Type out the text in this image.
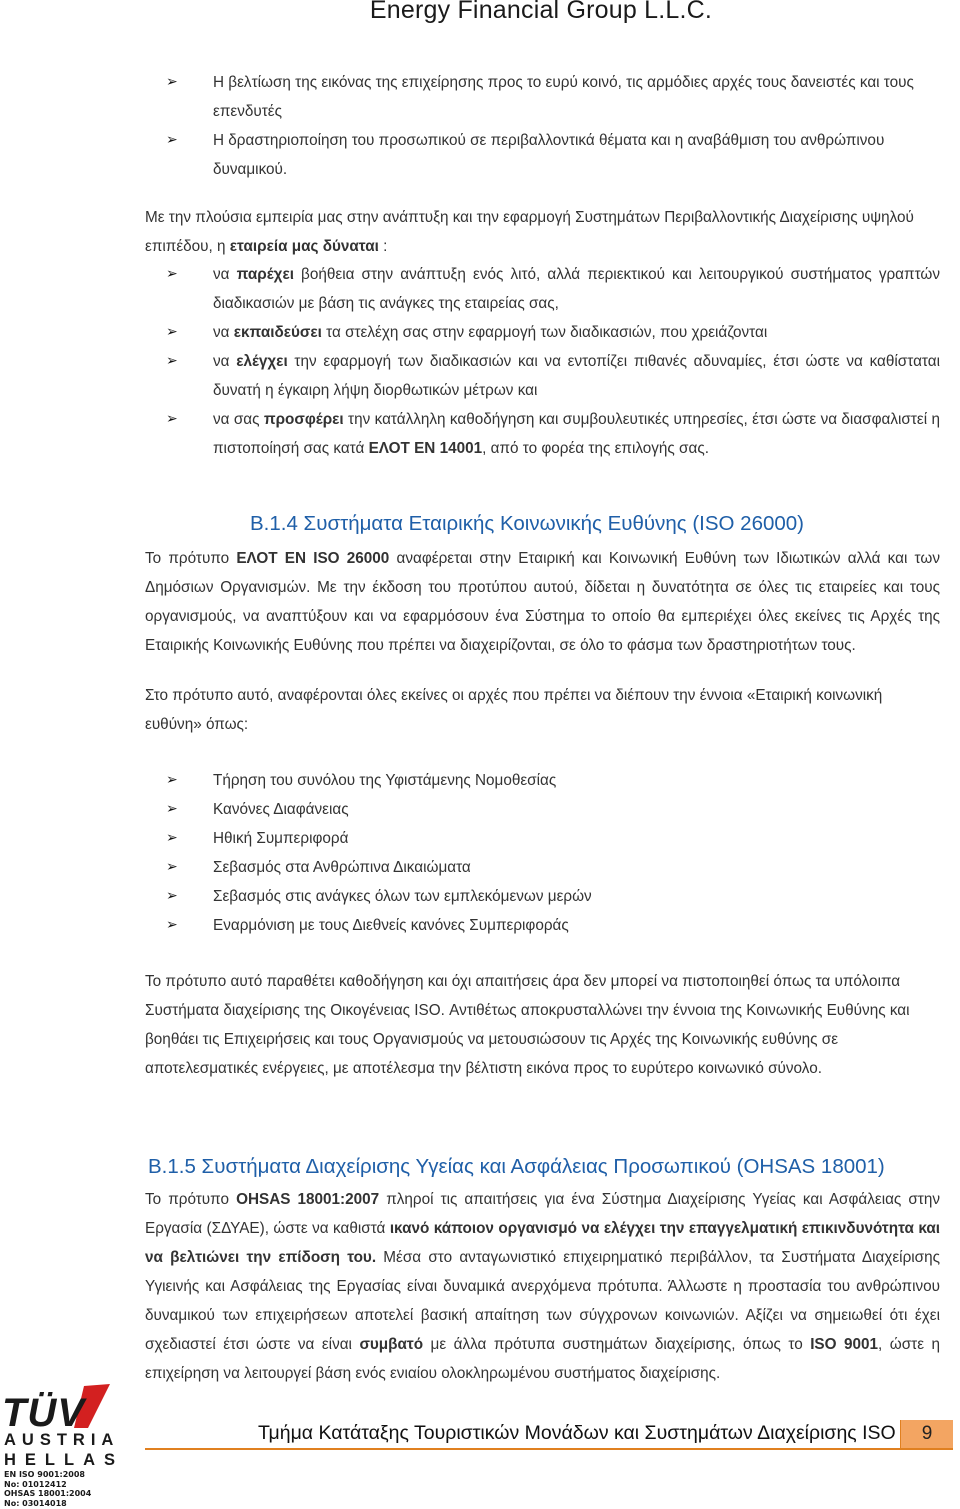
Energy Financial Group L.L.C.
➢ Η βελτίωση της εικόνας της επιχείρησης προς το ευρύ κοινό, τις αρμόδιες αρχές τους δανειστές και τους επενδυτές
➢ Η δραστηριοποίηση του προσωπικού σε περιβαλλοντικά θέματα και η αναβάθμιση του ανθρώπινου δυναμικού.

Με την πλούσια εμπειρία μας στην ανάπτυξη και την εφαρμογή Συστημάτων Περιβαλλοντικής Διαχείρισης υψηλού επιπέδου, η εταιρεία μας δύναται :

➢ να παρέχει βοήθεια στην ανάπτυξη ενός λιτό, αλλά περιεκτικού και λειτουργικού συστήματος γραπτών διαδικασιών με βάση τις ανάγκες της εταιρείας σας,
➢ να εκπαιδεύσει τα στελέχη σας στην εφαρμογή των διαδικασιών, που χρειάζονται
➢ να ελέγχει την εφαρμογή των διαδικασιών και να εντοπίζει πιθανές αδυναμίες, έτσι ώστε να καθίσταται δυνατή η έγκαιρη λήψη διορθωτικών μέτρων και
➢ να σας προσφέρει την κατάλληλη καθοδήγηση και συμβουλευτικές υπηρεσίες, έτσι ώστε να διασφαλιστεί η πιστοποίησή σας κατά ΕΛΟΤ ΕΝ 14001, από το φορέα της επιλογής σας.
Β.1.4 Συστήματα Εταιρικής Κοινωνικής Ευθύνης (ISO 26000)

Το πρότυπο ΕΛΟΤ ΕΝ ISO 26000 αναφέρεται στην Εταιρική και Κοινωνική Ευθύνη των Ιδιωτικών αλλά και των Δημόσιων Οργανισμών. Με την έκδοση του προτύπου αυτού, δίδεται η δυνατότητα σε όλες τις εταιρείες και τους οργανισμούς, να αναπτύξουν και να εφαρμόσουν ένα Σύστημα το οποίο θα εμπεριέχει όλες εκείνες τις Αρχές της Εταιρικής Κοινωνικής Ευθύνης που πρέπει να διαχειρίζονται, σε όλο το φάσμα των δραστηριοτήτων τους.

Στο πρότυπο αυτό, αναφέρονται όλες εκείνες οι αρχές που πρέπει να διέπουν την έννοια «Εταιρική κοινωνική ευθύνη» όπως:

➢ Τήρηση του συνόλου της Υφιστάμενης Νομοθεσίας
➢ Κανόνες Διαφάνειας
➢ Ηθική Συμπεριφορά
➢ Σεβασμός στα Ανθρώπινα Δικαιώματα
➢ Σεβασμός στις ανάγκες όλων των εμπλεκόμενων μερών
➢ Εναρμόνιση με τους Διεθνείς κανόνες Συμπεριφοράς

Το πρότυπο αυτό παραθέτει καθοδήγηση και όχι απαιτήσεις άρα δεν μπορεί να πιστοποιηθεί όπως τα υπόλοιπα Συστήματα διαχείρισης της Οικογένειας ISO. Αντιθέτως αποκρυσταλλώνει την έννοια της Κοινωνικής Ευθύνης και βοηθάει τις Επιχειρήσεις και τους Οργανισμούς να μετουσιώσουν τις Αρχές της Κοινωνικής ευθύνης σε αποτελεσματικές ενέργειες, με αποτέλεσμα την βέλτιστη εικόνα προς το ευρύτερο κοινωνικό σύνολο.

Β.1.5 Συστήματα Διαχείρισης Υγείας και Ασφάλειας Προσωπικού (OHSAS 18001)

Το πρότυπο OHSAS 18001:2007 πληροί τις απαιτήσεις για ένα Σύστημα Διαχείρισης Υγείας και Ασφάλειας στην Εργασία (ΣΔΥΑΕ), ώστε να καθιστά ικανό κάποιον οργανισμό να ελέγχει την επαγγελματική επικινδυνότητα και να βελτιώνει την επίδοση του. Μέσα στο ανταγωνιστικό επιχειρηματικό περιβάλλον, τα Συστήματα Διαχείρισης Υγιεινής και Ασφάλειας της Εργασίας είναι δυναμικά ανερχόμενα πρότυπα. Άλλωστε η προστασία του ανθρώπινου δυναμικού των επιχειρήσεων αποτελεί βασική απαίτηση των σύγχρονων κοινωνιών. Αξίζει να σημειωθεί ότι έχει σχεδιαστεί έτσι ώστε να είναι συμβατό με άλλα πρότυπα συστημάτων διαχείρισης, όπως το ISO 9001, ώστε η επιχείρηση να λειτουργεί βάση ενός ενιαίου ολοκληρωμένου συστήματος διαχείρισης.

TÜV
AUSTRIA
HELLAS
EN ISO 9001:2008
No: 01012412
OHSAS 18001:2004
No: 03014018
Τμήμα Κατάταξης Τουριστικών Μονάδων και Συστημάτων Διαχείρισης ISO	9
